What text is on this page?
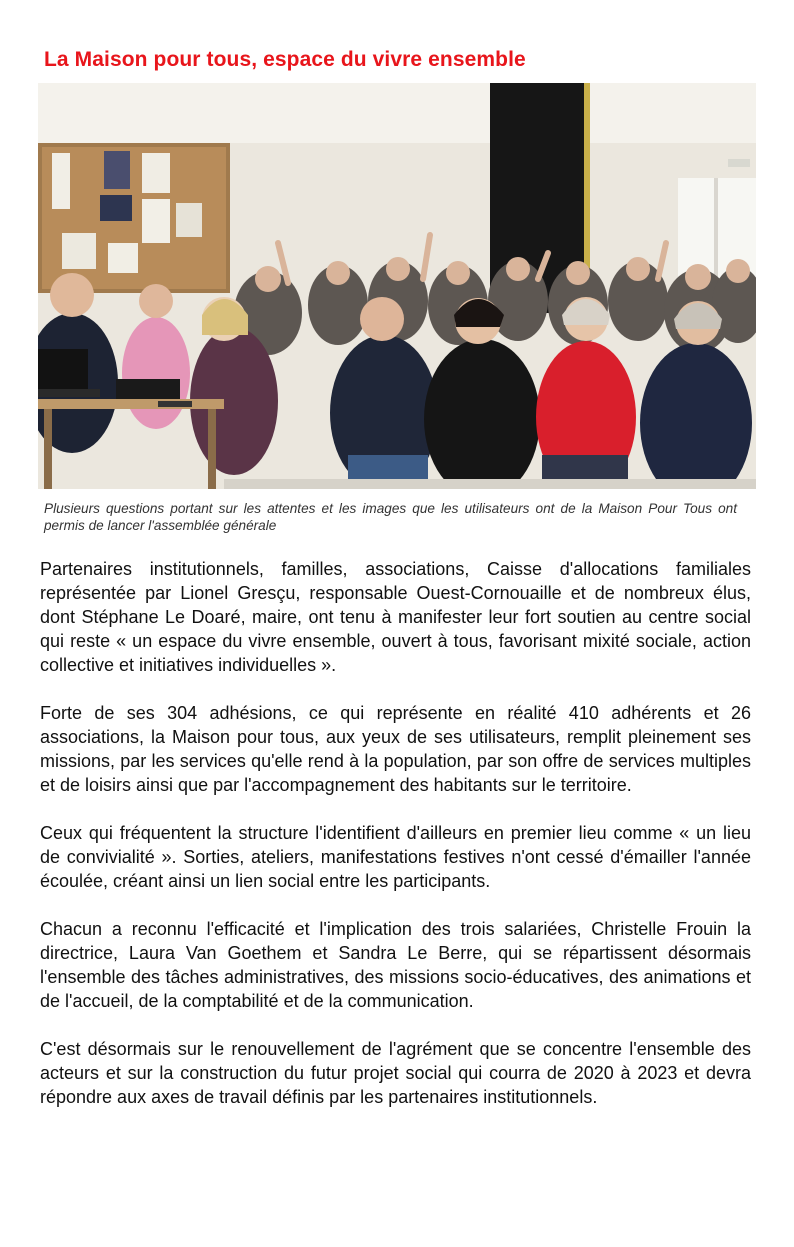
La Maison pour tous, espace du vivre ensemble

Plusieurs questions portant sur les attentes et les images que les utilisateurs ont de la Maison Pour Tous ont permis de lancer l'assemblée générale

Partenaires institutionnels, familles, associations, Caisse d'allocations familiales représentée par Lionel Gresçu, responsable Ouest-Cornouaille et de nombreux élus, dont Stéphane Le Doaré, maire, ont tenu à manifester leur fort soutien au centre social qui reste « un espace du vivre ensemble, ouvert à tous, favorisant mixité sociale, action collective et initiatives individuelles ».

Forte de ses 304 adhésions, ce qui représente en réalité 410 adhérents et 26 associations, la Maison pour tous, aux yeux de ses utilisateurs, remplit pleinement ses missions, par les services qu'elle rend à la population, par son offre de services multiples et de loisirs ainsi que par l'accompagnement des habitants sur le territoire.

Ceux qui fréquentent la structure l'identifient d'ailleurs en premier lieu comme « un lieu de convivialité ». Sorties, ateliers, manifestations festives n'ont cessé d'émailler l'année écoulée, créant ainsi un lien social entre les participants.

Chacun a reconnu l'efficacité et l'implication des trois salariées, Christelle Frouin la directrice, Laura Van Goethem et Sandra Le Berre, qui se répartissent désormais l'ensemble des tâches administratives, des missions socio-éducatives, des animations et de l'accueil, de la comptabilité et de la communication.

C'est désormais sur le renouvellement de l'agrément que se concentre l'ensemble des acteurs et sur la construction du futur projet social qui courra de 2020 à 2023 et devra répondre aux axes de travail définis par les partenaires institutionnels.
